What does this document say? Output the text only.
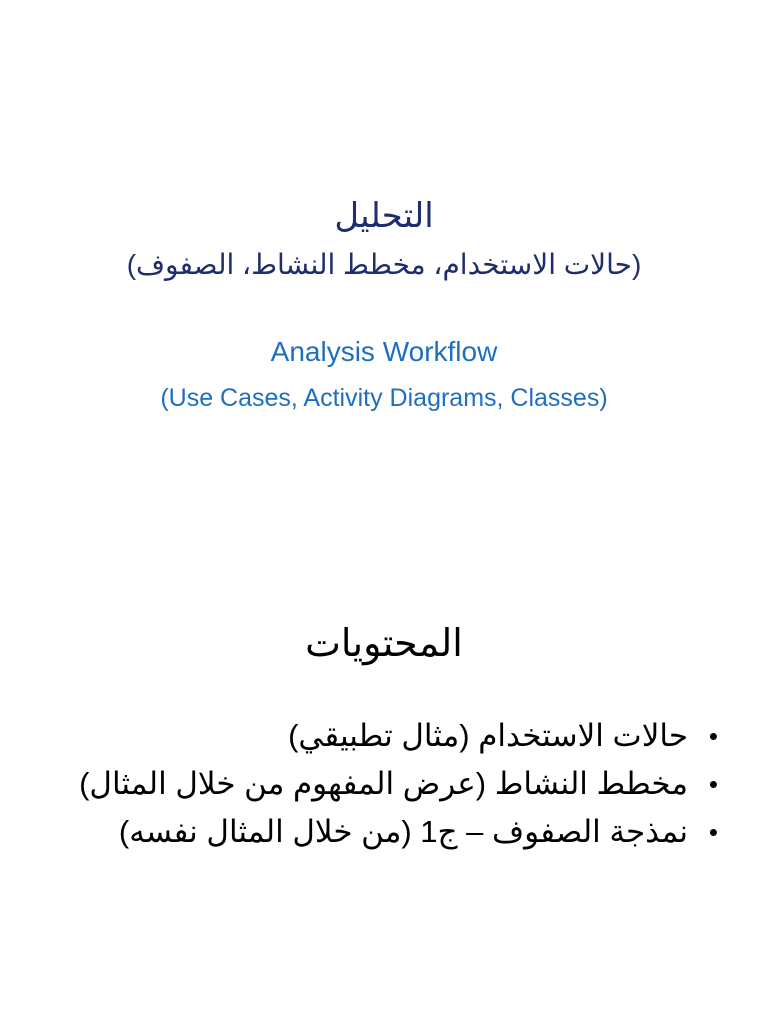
التحليل
(حالات الاستخدام، مخطط النشاط، الصفوف)
Analysis Workflow
(Use Cases, Activity Diagrams, Classes)
المحتويات
•
حالات الاستخدام (مثال تطبيقي)
•
مخطط النشاط (عرض المفهوم من خلال المثال)
•
نمذجة الصفوف – ج1 (من خلال المثال نفسه)
